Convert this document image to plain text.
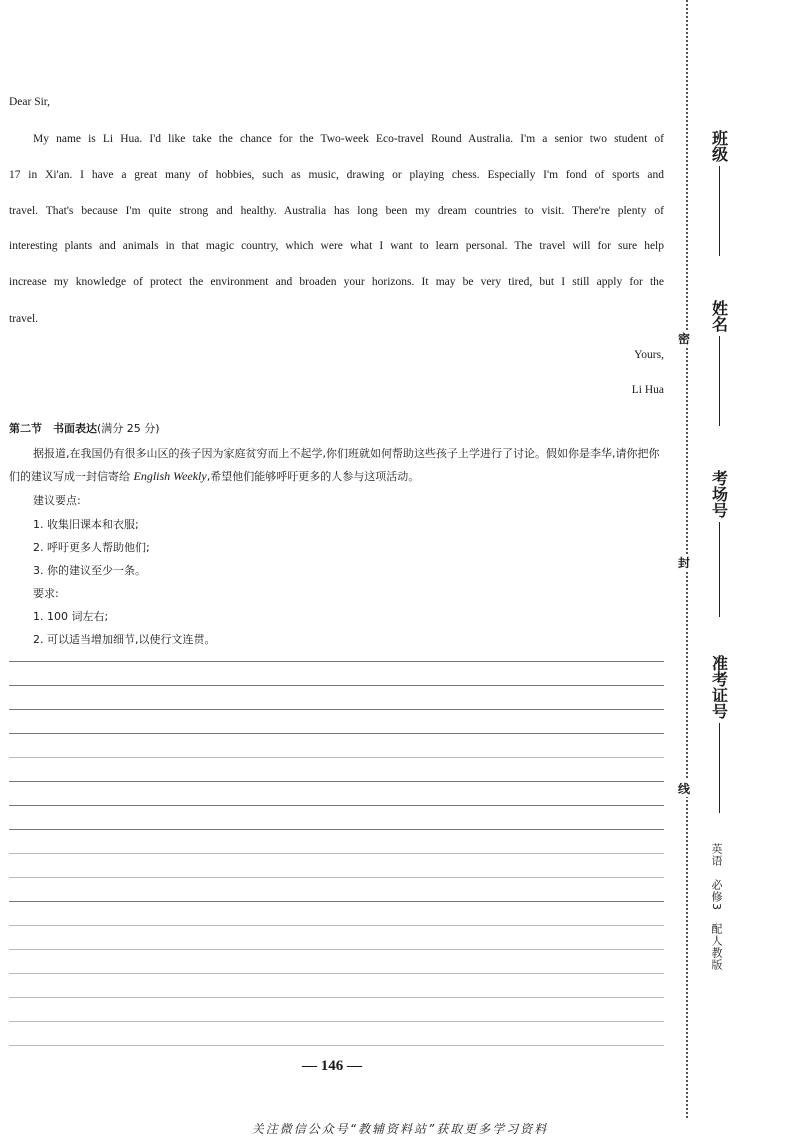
Dear Sir,
My name is Li Hua. I'd like take the chance for the Two-week Eco-travel Round Australia. I'm a senior two student of
17 in Xi'an. I have a great many of hobbies, such as music, drawing or playing chess. Especially I'm fond of sports and
travel. That's because I'm quite strong and healthy. Australia has long been my dream countries to visit. There're plenty of
interesting plants and animals in that magic country, which were what I want to learn personal. The travel will for sure help
increase my knowledge of protect the environment and broaden your horizons. It may be very tired, but I still apply for the
travel.
Yours,
Li Hua
第二节　书面表达(满分 25 分)
据报道,在我国仍有很多山区的孩子因为家庭贫穷而上不起学,你们班就如何帮助这些孩子上学进行了讨论。假如你是李华,请你把你们的建议写成一封信寄给 English Weekly,希望他们能够呼吁更多的人参与这项活动。
建议要点:
1. 收集旧课本和衣服;
2. 呼吁更多人帮助他们;
3. 你的建议至少一条。
要求:
1. 100 词左右;
2. 可以适当增加细节,以使行文连贯。
— 146 —
关注微信公众号“教辅资料站”获取更多学习资料
密
封
线
班级
姓名
考场号
准考证号
英语　必修3　配人教版
